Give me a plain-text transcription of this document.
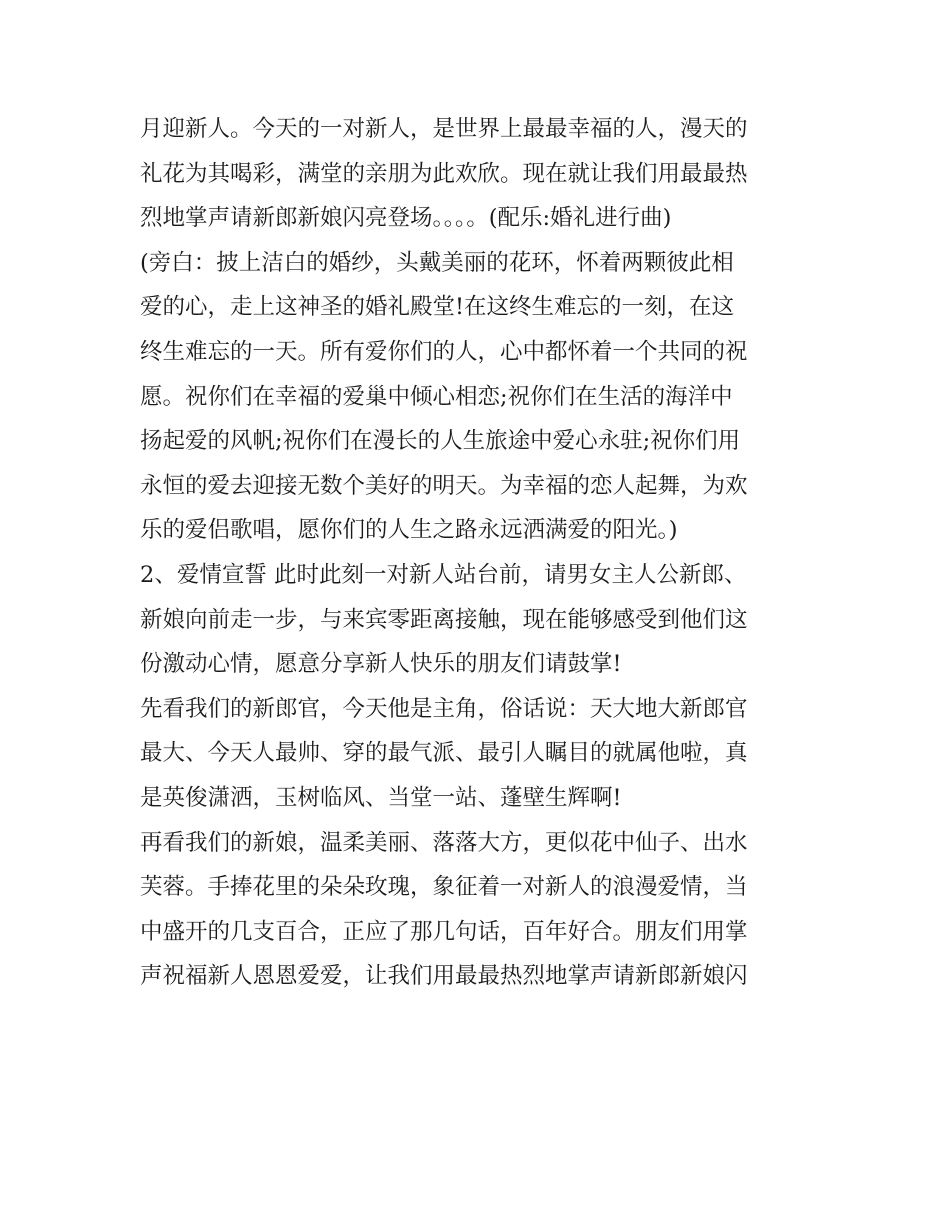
月迎新人。今天的一对新人，是世界上最最幸福的人，漫天的
礼花为其喝彩，满堂的亲朋为此欢欣。现在就让我们用最最热
烈地掌声请新郎新娘闪亮登场。。。。(配乐:婚礼进行曲)
(旁白：披上洁白的婚纱，头戴美丽的花环，怀着两颗彼此相
爱的心，走上这神圣的婚礼殿堂!在这终生难忘的一刻，在这
终生难忘的一天。所有爱你们的人，心中都怀着一个共同的祝
愿。祝你们在幸福的爱巢中倾心相恋;祝你们在生活的海洋中
扬起爱的风帆;祝你们在漫长的人生旅途中爱心永驻;祝你们用
永恒的爱去迎接无数个美好的明天。为幸福的恋人起舞，为欢
乐的爱侣歌唱，愿你们的人生之路永远洒满爱的阳光。)
2、爱情宣誓 此时此刻一对新人站台前，请男女主人公新郎、
新娘向前走一步，与来宾零距离接触，现在能够感受到他们这
份激动心情，愿意分享新人快乐的朋友们请鼓掌!
先看我们的新郎官，今天他是主角，俗话说：天大地大新郎官
最大、今天人最帅、穿的最气派、最引人瞩目的就属他啦，真
是英俊潇洒，玉树临风、当堂一站、蓬壁生辉啊!
再看我们的新娘，温柔美丽、落落大方，更似花中仙子、出水
芙蓉。手捧花里的朵朵玫瑰，象征着一对新人的浪漫爱情，当
中盛开的几支百合，正应了那几句话，百年好合。朋友们用掌
声祝福新人恩恩爱爱，让我们用最最热烈地掌声请新郎新娘闪
